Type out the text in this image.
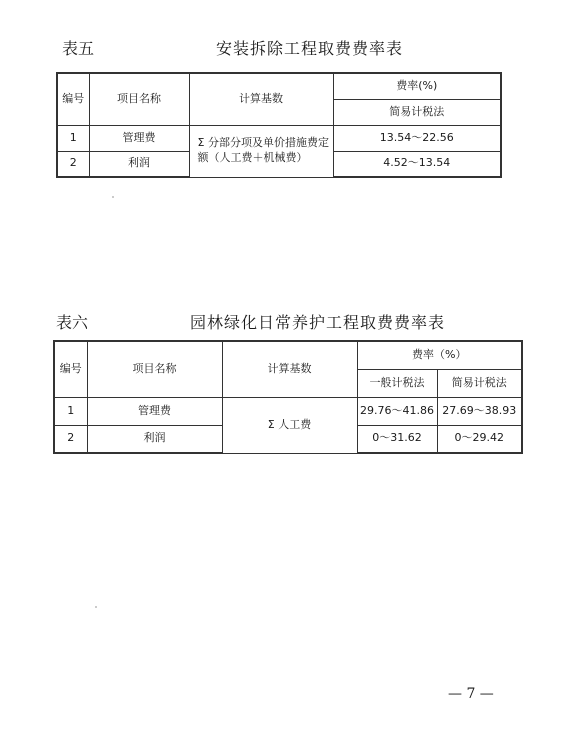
表五	安装拆除工程取费费率表
编号	项目名称	计算基数	费率(%)
			简易计税法
1	管理费	Σ 分部分项及单价措施费定
额（人工费＋机械费）	13.54～22.56
2	利润		4.52～13.54
表六	园林绿化日常养护工程取费费率表
编号	项目名称	计算基数	费率（%）	
			一般计税法	简易计税法
1	管理费	Σ 人工费	29.76～41.86	27.69～38.93
2	利润		0～31.62	0～29.42
— 7 —
